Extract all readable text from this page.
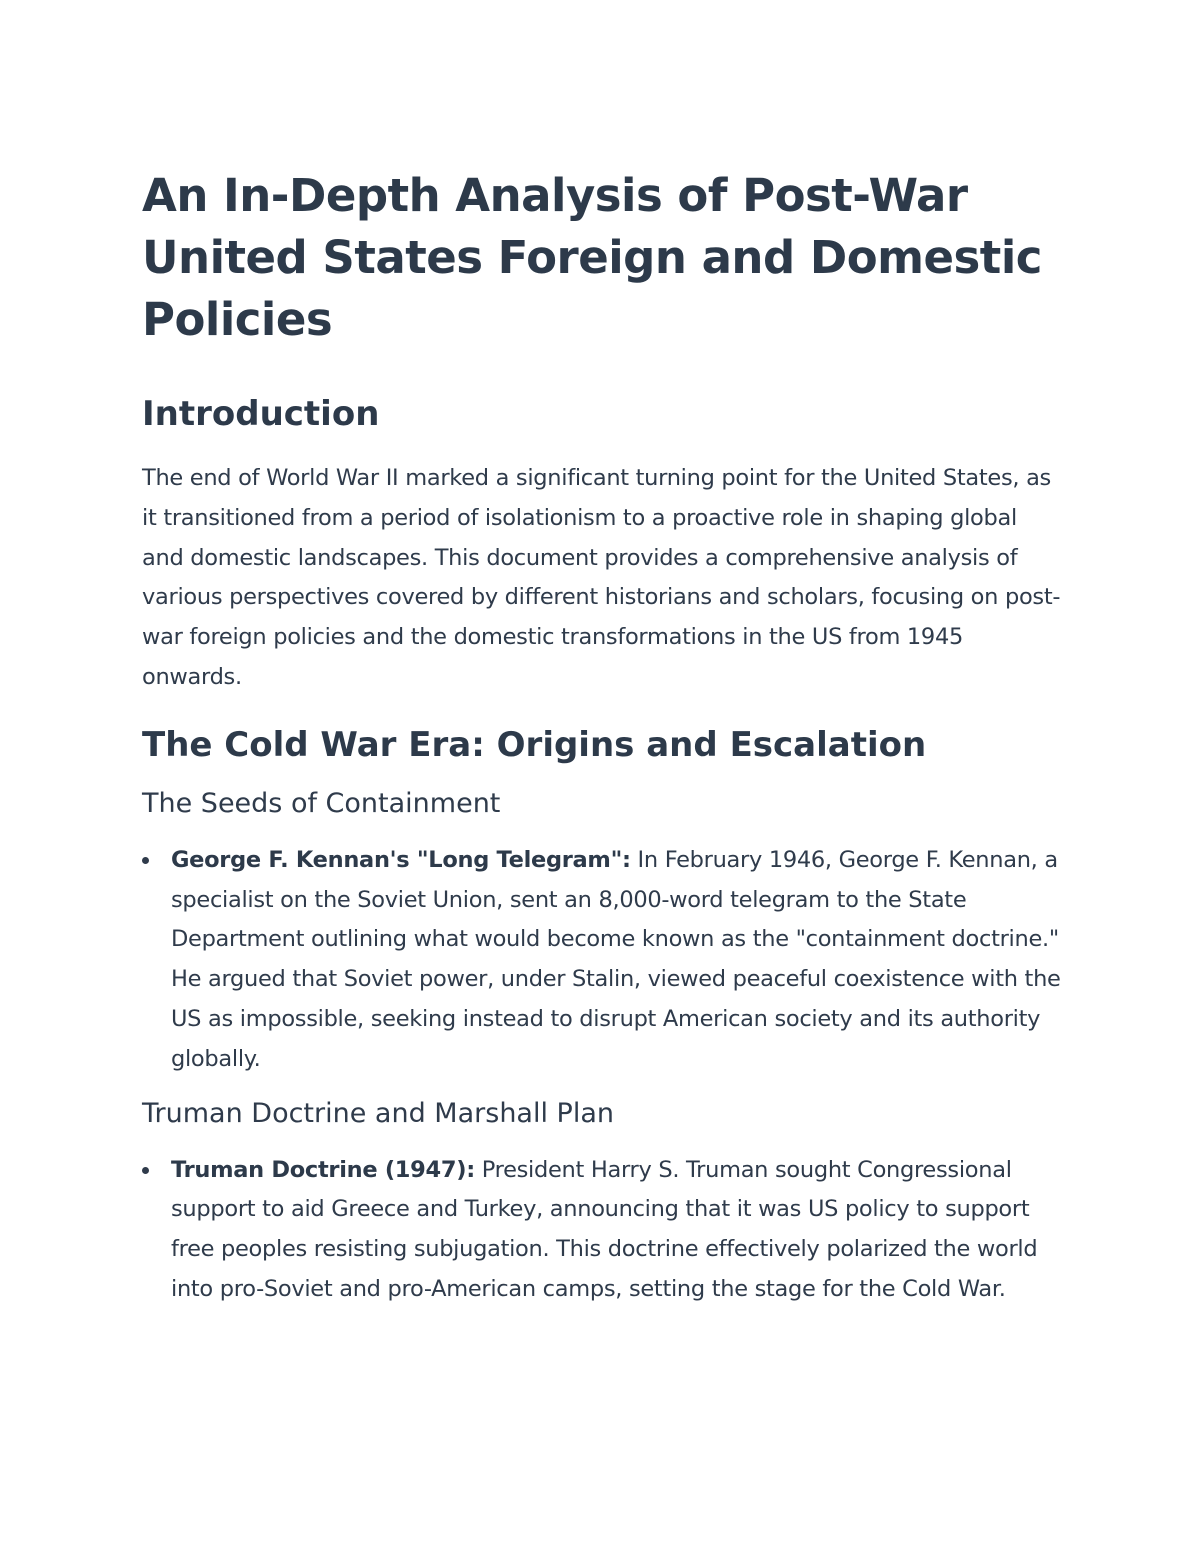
An In-Depth Analysis of Post-War United States Foreign and Domestic Policies
Introduction

The end of World War II marked a significant turning point for the United States, as it transitioned from a period of isolationism to a proactive role in shaping global and domestic landscapes. This document provides a comprehensive analysis of various perspectives covered by different historians and scholars, focusing on post-war foreign policies and the domestic transformations in the US from 1945 onwards.

The Cold War Era: Origins and Escalation
The Seeds of Containment
George F. Kennan's "Long Telegram": In February 1946, George F. Kennan, a specialist on the Soviet Union, sent an 8,000-word telegram to the State Department outlining what would become known as the "containment doctrine." He argued that Soviet power, under Stalin, viewed peaceful coexistence with the US as impossible, seeking instead to disrupt American society and its authority globally.
Truman Doctrine and Marshall Plan
Truman Doctrine (1947): President Harry S. Truman sought Congressional support to aid Greece and Turkey, announcing that it was US policy to support free peoples resisting subjugation. This doctrine effectively polarized the world into pro-Soviet and pro-American camps, setting the stage for the Cold War.
